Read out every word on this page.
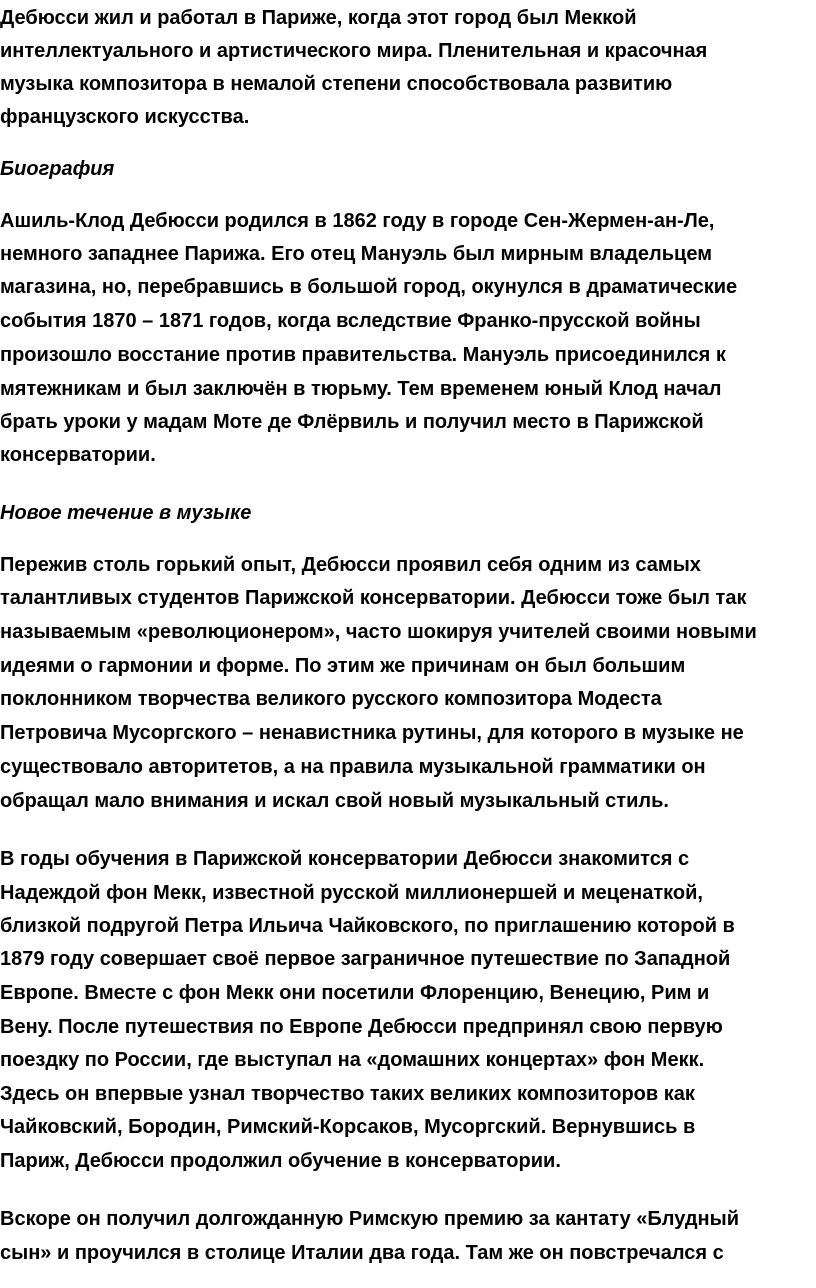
Дебюсси жил и работал в Париже, когда этот город был Меккой

интеллектуального и артистического мира. Пленительная и красочная

музыка композитора в немалой степени способствовала развитию

французского искусства.

Биография

Ашиль-Клод Дебюсси родился в 1862 году в городе Сен-Жермен-ан-Ле,

немного западнее Парижа. Его отец Мануэль был мирным владельцем

магазина, но, перебравшись в большой город, окунулся в драматические

события 1870 – 1871 годов, когда вследствие Франко-прусской войны

произошло восстание против правительства. Мануэль присоединился к

мятежникам и был заключён в тюрьму. Тем временем юный Клод начал

брать уроки у мадам Моте де Флёрвиль и получил место в Парижской

консерватории.

Новое течение в музыке

Пережив столь горький опыт, Дебюсси проявил себя одним из самых

талантливых студентов Парижской консерватории. Дебюсси тоже был так

называемым «революционером», часто шокируя учителей своими новыми

идеями о гармонии и форме. По этим же причинам он был большим

поклонником творчества великого русского композитора Модеста

Петровича Мусоргского – ненавистника рутины, для которого в музыке не

существовало авторитетов, а на правила музыкальной грамматики он

обращал мало внимания и искал свой новый музыкальный стиль.

В годы обучения в Парижской консерватории Дебюсси знакомится с

Надеждой фон Мекк, известной русской миллионершей и меценаткой,

близкой подругой Петра Ильича Чайковского, по приглашению которой в

1879 году совершает своё первое заграничное путешествие по Западной

Европе. Вместе с фон Мекк они посетили Флоренцию, Венецию, Рим и

Вену. После путешествия по Европе Дебюсси предпринял свою первую

поездку по России, где выступал на «домашних концертах» фон Мекк.

Здесь он впервые узнал творчество таких великих композиторов как

Чайковский, Бородин, Римский-Корсаков, Мусоргский. Вернувшись в

Париж, Дебюсси продолжил обучение в консерватории.

Вскоре он получил долгожданную Римскую премию за кантату «Блудный

сын» и проучился в столице Италии два года. Там же он повстречался с
